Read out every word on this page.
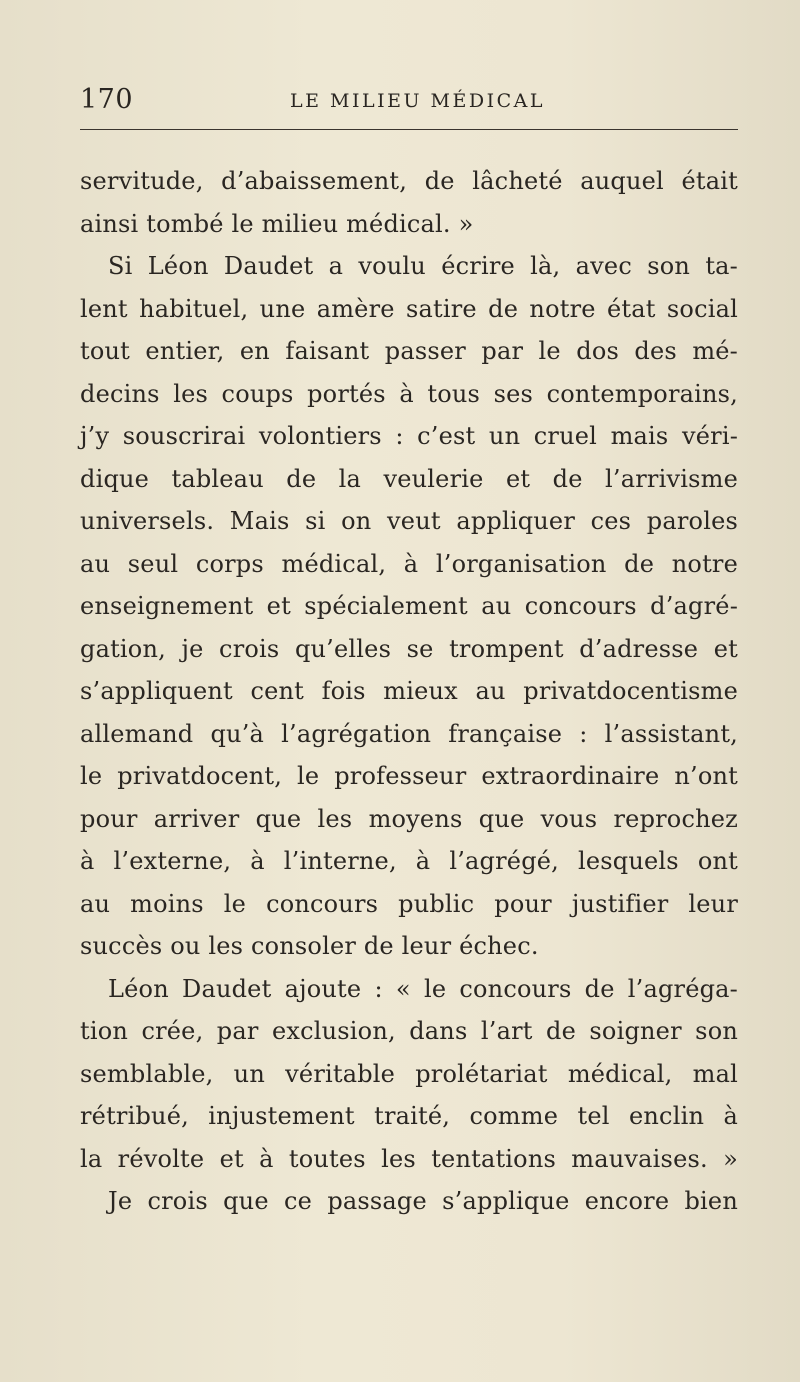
170	LE MILIEU MÉDICAL
servitude, d’abaissement, de lâcheté auquel était
ainsi tombé le milieu médical. »
Si Léon Daudet a voulu écrire là, avec son ta-
lent habituel, une amère satire de notre état social
tout entier, en faisant passer par le dos des mé-
decins les coups portés à tous ses contemporains,
j’y souscrirai volontiers : c’est un cruel mais véri-
dique tableau de la veulerie et de l’arrivisme
universels. Mais si on veut appliquer ces paroles
au seul corps médical, à l’organisation de notre
enseignement et spécialement au concours d’agré-
gation, je crois qu’elles se trompent d’adresse et
s’appliquent cent fois mieux au privatdocentisme
allemand qu’à l’agrégation française : l’assistant,
le privatdocent, le professeur extraordinaire n’ont
pour arriver que les moyens que vous reprochez
à l’externe, à l’interne, à l’agrégé, lesquels ont
au moins le concours public pour justifier leur
succès ou les consoler de leur échec.
Léon Daudet ajoute : « le concours de l’agréga-
tion crée, par exclusion, dans l’art de soigner son
semblable, un véritable prolétariat médical, mal
rétribué, injustement traité, comme tel enclin à
la révolte et à toutes les tentations mauvaises. »
Je crois que ce passage s’applique encore bien
